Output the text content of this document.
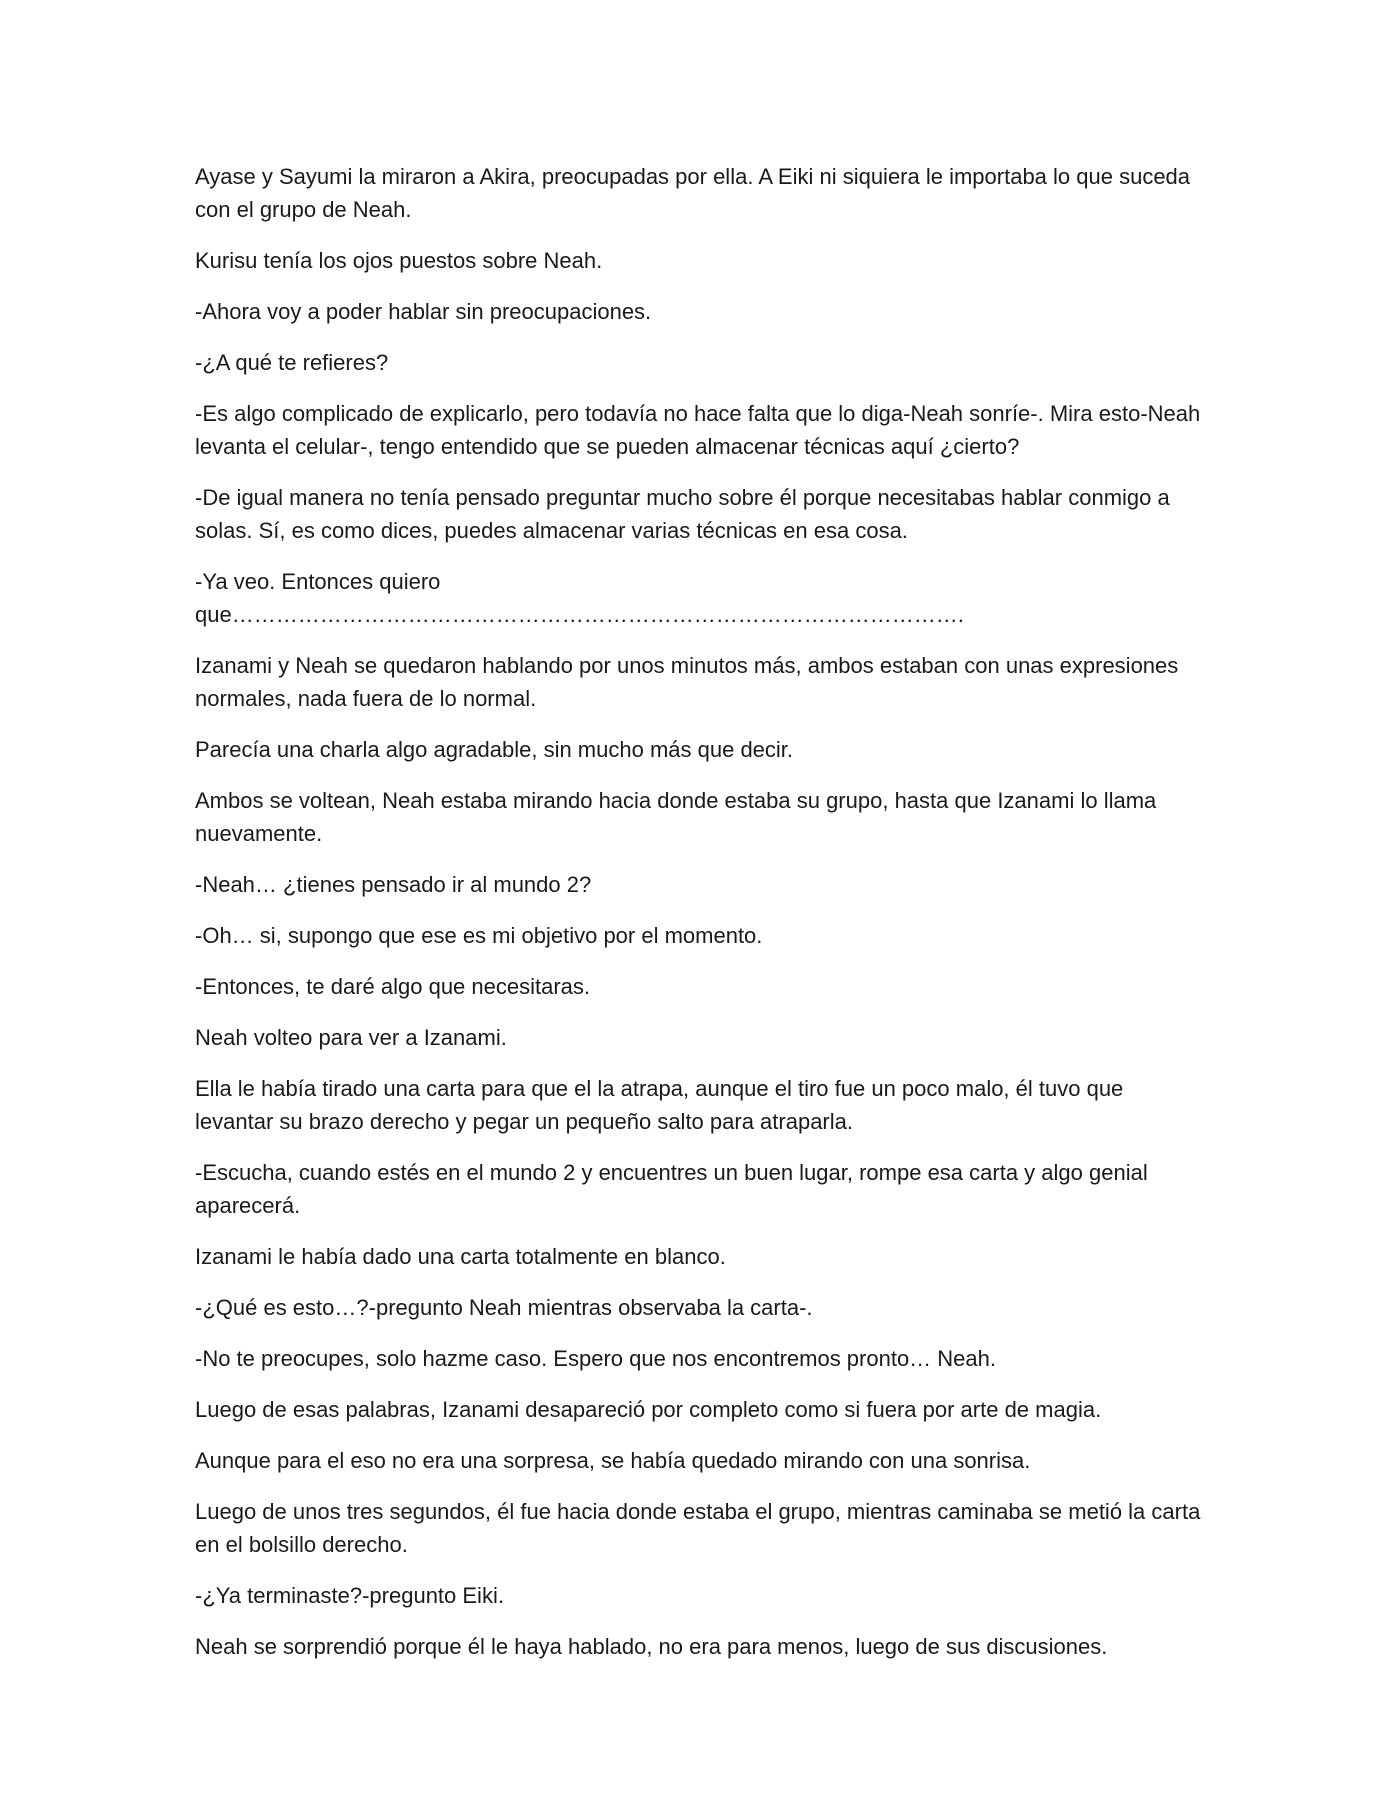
Ayase y Sayumi la miraron a Akira, preocupadas por ella. A Eiki ni siquiera le importaba lo que suceda con el grupo de Neah.

Kurisu tenía los ojos puestos sobre Neah.

-Ahora voy a poder hablar sin preocupaciones.

-¿A qué te refieres?

-Es algo complicado de explicarlo, pero todavía no hace falta que lo diga-Neah sonríe-. Mira esto-Neah levanta el celular-, tengo entendido que se pueden almacenar técnicas aquí ¿cierto?

-De igual manera no tenía pensado preguntar mucho sobre él porque necesitabas hablar conmigo a solas. Sí, es como dices, puedes almacenar varias técnicas en esa cosa.

-Ya veo. Entonces quiero que……………………………………………………………………………………….

Izanami y Neah se quedaron hablando por unos minutos más, ambos estaban con unas expresiones normales, nada fuera de lo normal.

Parecía una charla algo agradable, sin mucho más que decir.

Ambos se voltean, Neah estaba mirando hacia donde estaba su grupo, hasta que Izanami lo llama nuevamente.

-Neah… ¿tienes pensado ir al mundo 2?

-Oh… si, supongo que ese es mi objetivo por el momento.

-Entonces, te daré algo que necesitaras.

Neah volteo para ver a Izanami.

Ella le había tirado una carta para que el la atrapa, aunque el tiro fue un poco malo, él tuvo que levantar su brazo derecho y pegar un pequeño salto para atraparla.

-Escucha, cuando estés en el mundo 2 y encuentres un buen lugar, rompe esa carta y algo genial aparecerá.

Izanami le había dado una carta totalmente en blanco.

-¿Qué es esto…?-pregunto Neah mientras observaba la carta-.

-No te preocupes, solo hazme caso. Espero que nos encontremos pronto… Neah.

Luego de esas palabras, Izanami desapareció por completo como si fuera por arte de magia.

Aunque para el eso no era una sorpresa, se había quedado mirando con una sonrisa.

Luego de unos tres segundos, él fue hacia donde estaba el grupo, mientras caminaba se metió la carta en el bolsillo derecho.

-¿Ya terminaste?-pregunto Eiki.

Neah se sorprendió porque él le haya hablado, no era para menos, luego de sus discusiones.
